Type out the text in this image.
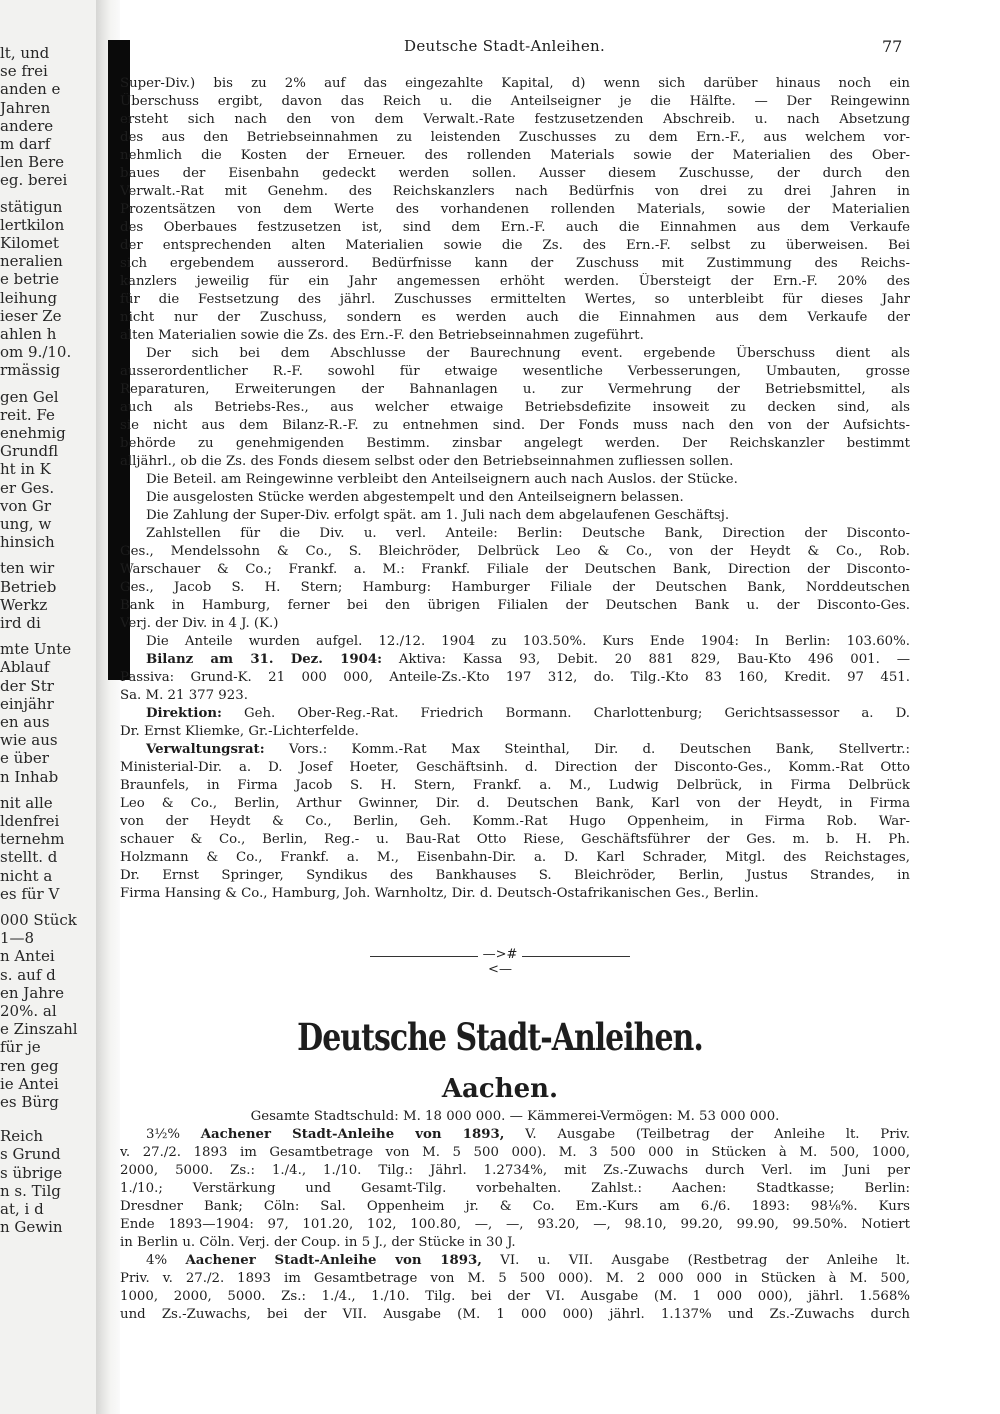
lt, und
se frei
anden e
Jahren
andere
m darf
len Bere
eg. berei
stätigun
lertkilon
Kilomet
neralien
e betrie
leihung
ieser Ze
ahlen h
om 9./10.
rmässig
gen Gel
reit. Fe
enehmig
Grundfl
ht in K
er Ges.
von Gr
ung, w
hinsich
ten wir
Betrieb
Werkz
ird di
mte Unte
Ablauf
der Str
einjähr
en aus
wie aus
e über
n Inhab
nit alle
ldenfrei
ternehm
stellt. d
nicht a
es für V
000 Stück
1—8
n Antei
s. auf d
en Jahre
20%. al
e Zinszahl
für je
ren geg
ie Antei
es Bürg
Reich
s Grund
s übrige
n s. Tilg
at, i d
n Gewin
Deutsche Stadt-Anleihen.	77
Super-Div.) bis zu 2% auf das eingezahlte Kapital, d) wenn sich darüber hinaus noch ein
Überschuss ergibt, davon das Reich u. die Anteilseigner je die Hälfte. — Der Reingewinn
ersteht sich nach den von dem Verwalt.-Rate festzusetzenden Abschreib. u. nach Absetzung
des aus den Betriebseinnahmen zu leistenden Zuschusses zu dem Ern.-F., aus welchem vor-
nehmlich die Kosten der Erneuer. des rollenden Materials sowie der Materialien des Ober-
baues der Eisenbahn gedeckt werden sollen. Ausser diesem Zuschusse, der durch den
Verwalt.-Rat mit Genehm. des Reichskanzlers nach Bedürfnis von drei zu drei Jahren in
Prozentsätzen von dem Werte des vorhandenen rollenden Materials, sowie der Materialien
des Oberbaues festzusetzen ist, sind dem Ern.-F. auch die Einnahmen aus dem Verkaufe
der entsprechenden alten Materialien sowie die Zs. des Ern.-F. selbst zu überweisen. Bei
sich ergebendem ausserord. Bedürfnisse kann der Zuschuss mit Zustimmung des Reichs-
kanzlers jeweilig für ein Jahr angemessen erhöht werden. Übersteigt der Ern.-F. 20% des
für die Festsetzung des jährl. Zuschusses ermittelten Wertes, so unterbleibt für dieses Jahr
nicht nur der Zuschuss, sondern es werden auch die Einnahmen aus dem Verkaufe der
alten Materialien sowie die Zs. des Ern.-F. den Betriebseinnahmen zugeführt.
Der sich bei dem Abschlusse der Baurechnung event. ergebende Überschuss dient als
ausserordentlicher R.-F. sowohl für etwaige wesentliche Verbesserungen, Umbauten, grosse
Reparaturen, Erweiterungen der Bahnanlagen u. zur Vermehrung der Betriebsmittel, als
auch als Betriebs-Res., aus welcher etwaige Betriebsdefizite insoweit zu decken sind, als
sie nicht aus dem Bilanz-R.-F. zu entnehmen sind. Der Fonds muss nach den von der Aufsichts-
behörde zu genehmigenden Bestimm. zinsbar angelegt werden. Der Reichskanzler bestimmt
alljährl., ob die Zs. des Fonds diesem selbst oder den Betriebseinnahmen zufliessen sollen.
Die Beteil. am Reingewinne verbleibt den Anteilseignern auch nach Auslos. der Stücke.
Die ausgelosten Stücke werden abgestempelt und den Anteilseignern belassen.
Die Zahlung der Super-Div. erfolgt spät. am 1. Juli nach dem abgelaufenen Geschäftsj.
Zahlstellen für die Div. u. verl. Anteile: Berlin: Deutsche Bank, Direction der Disconto-
Ges., Mendelssohn & Co., S. Bleichröder, Delbrück Leo & Co., von der Heydt & Co., Rob.
Warschauer & Co.; Frankf. a. M.: Frankf. Filiale der Deutschen Bank, Direction der Disconto-
Ges., Jacob S. H. Stern; Hamburg: Hamburger Filiale der Deutschen Bank, Norddeutschen
Bank in Hamburg, ferner bei den übrigen Filialen der Deutschen Bank u. der Disconto-Ges.
Verj. der Div. in 4 J. (K.)
Die Anteile wurden aufgel. 12./12. 1904 zu 103.50%. Kurs Ende 1904: In Berlin: 103.60%.
Bilanz am 31. Dez. 1904: Aktiva: Kassa 93, Debit. 20 881 829, Bau-Kto 496 001. —
Passiva: Grund-K. 21 000 000, Anteile-Zs.-Kto 197 312, do. Tilg.-Kto 83 160, Kredit. 97 451.
Sa. M. 21 377 923.
Direktion: Geh. Ober-Reg.-Rat. Friedrich Bormann. Charlottenburg; Gerichtsassessor a. D.
Dr. Ernst Kliemke, Gr.-Lichterfelde.
Verwaltungsrat: Vors.: Komm.-Rat Max Steinthal, Dir. d. Deutschen Bank, Stellvertr.:
Ministerial-Dir. a. D. Josef Hoeter, Geschäftsinh. d. Direction der Disconto-Ges., Komm.-Rat Otto
Braunfels, in Firma Jacob S. H. Stern, Frankf. a. M., Ludwig Delbrück, in Firma Delbrück
Leo & Co., Berlin, Arthur Gwinner, Dir. d. Deutschen Bank, Karl von der Heydt, in Firma
von der Heydt & Co., Berlin, Geh. Komm.-Rat Hugo Oppenheim, in Firma Rob. War-
schauer & Co., Berlin, Reg.- u. Bau-Rat Otto Riese, Geschäftsführer der Ges. m. b. H. Ph.
Holzmann & Co., Frankf. a. M., Eisenbahn-Dir. a. D. Karl Schrader, Mitgl. des Reichstages,
Dr. Ernst Springer, Syndikus des Bankhauses S. Bleichröder, Berlin, Justus Strandes, in
Firma Hansing & Co., Hamburg, Joh. Warnholtz, Dir. d. Deutsch-Ostafrikanischen Ges., Berlin.
—>#<—
Deutsche Stadt-Anleihen.
Aachen.
Gesamte Stadtschuld: M. 18 000 000. — Kämmerei-Vermögen: M. 53 000 000.
3½% Aachener Stadt-Anleihe von 1893, V. Ausgabe (Teilbetrag der Anleihe lt. Priv.
v. 27./2. 1893 im Gesamtbetrage von M. 5 500 000). M. 3 500 000 in Stücken à M. 500, 1000,
2000, 5000. Zs.: 1./4., 1./10. Tilg.: Jährl. 1.2734%, mit Zs.-Zuwachs durch Verl. im Juni per
1./10.; Verstärkung und Gesamt-Tilg. vorbehalten. Zahlst.: Aachen: Stadtkasse; Berlin:
Dresdner Bank; Cöln: Sal. Oppenheim jr. & Co. Em.-Kurs am 6./6. 1893: 98⅛%. Kurs
Ende 1893—1904: 97, 101.20, 102, 100.80, —, —, 93.20, —, 98.10, 99.20, 99.90, 99.50%. Notiert
in Berlin u. Cöln. Verj. der Coup. in 5 J., der Stücke in 30 J.
4% Aachener Stadt-Anleihe von 1893, VI. u. VII. Ausgabe (Restbetrag der Anleihe lt.
Priv. v. 27./2. 1893 im Gesamtbetrage von M. 5 500 000). M. 2 000 000 in Stücken à M. 500,
1000, 2000, 5000. Zs.: 1./4., 1./10. Tilg. bei der VI. Ausgabe (M. 1 000 000), jährl. 1.568%
und Zs.-Zuwachs, bei der VII. Ausgabe (M. 1 000 000) jährl. 1.137% und Zs.-Zuwachs durch
